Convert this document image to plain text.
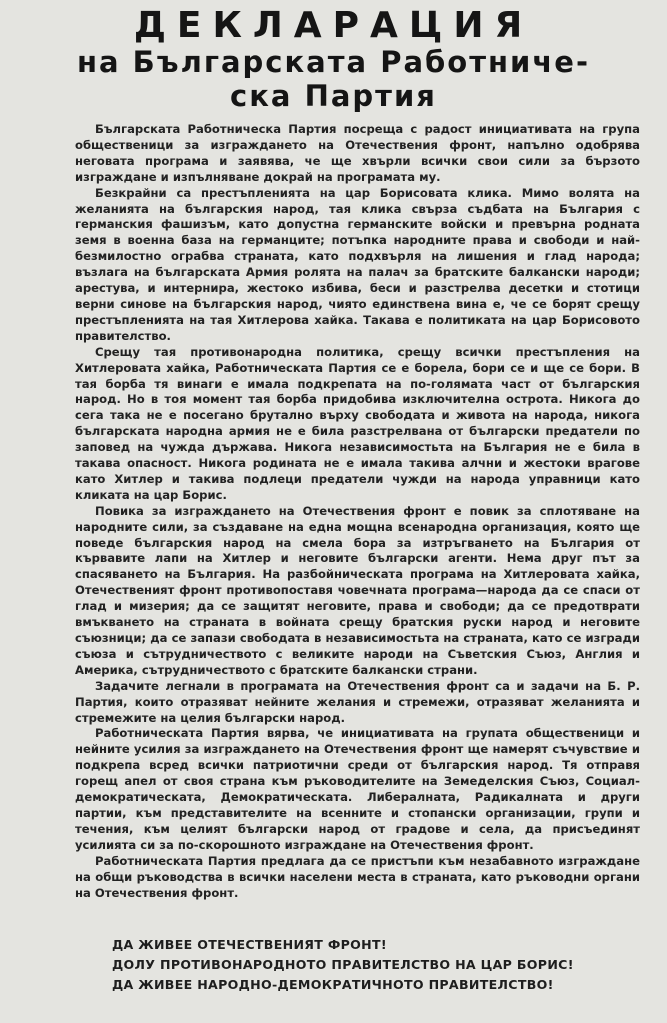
ДЕКЛАРАЦИЯ
на Българската Работниче-
ска Партия

Българската Работническа Партия посреща с радост инициативата на група общественици за изграждането на Отечествения фронт, напълно одобрява неговата програма и заявява, че ще хвърли всички свои сили за бързото изграждане и изпълняване докрай на програмата му.

Безкрайни са престъпленията на цар Борисовата клика. Мимо волята на желанията на българския народ, тая клика свърза съдбата на България с германския фашизъм, като допустна германските войски и превърна родната земя в военна база на германците; потъпка народните права и свободи и най-безмилостно ограбва страната, като подхвърля на лишения и глад народа; възлага на българската Армия ролята на палач за братските балкански народи; арестува, и интернира, жестоко избива, беси и разстрелва десетки и стотици верни синове на българския народ, чиято единствена вина е, че се борят срещу престъпленията на тая Хитлерова хайка. Такава е политиката на цар Борисовото правителство.

Срещу тая противонародна политика, срещу всички престъпления на Хитлеровата хайка, Работническата Партия се е борела, бори се и ще се бори. В тая борба тя винаги е имала подкрепата на по-голямата част от българския народ. Но в тоя момент тая борба придобива изключителна острота. Никога до сега така не е посегано бруталнo върху свободата и живота на народа, никога българската народна армия не е била разстрелвана от български предатели по заповед на чужда държава. Никога независимостьта на България не е била в такава опасност. Никога родината не е имала такива алчни и жестоки врагове като Хитлер и такива подлеци предатели чужди на народа управници като кликата на цар Борис.

Повика за изграждането на Отечествения фронт е повик за сплотяване на народните сили, за създаване на една мощна всенародна организация, която ще поведе българския народ на смела бора за изтръгването на България от кървавите лапи на Хитлер и неговите български агенти. Нема друг път за спасяването на България. На разбойническата програма на Хитлеровата хайка, Отечественият фронт противопоставя човечната програма—народа да се спаси от глад и мизерия; да се защитят неговите, права и свободи; да се предотврати вмъкването на страната в войната срещу братския руски народ и неговите съюзници; да се запази свободата в независимостьта на страната, като се изгради съюза и сътрудничеството с великите народи на Съветския Съюз, Англия и Америка, сътрудничеството с братските балкански страни.

Задачите легнали в програмата на Отечествения фронт са и задачи на Б. Р. Партия, които отразяват нейните желания и стремежи, отразяват желанията и стремежите на целия български народ.

Работническата Партия вярва, че инициативата на групата общественици и нейните усилия за изграждането на Отечествения фронт ще намерят съчувствие и подкрепа всред всички патриотични среди от българския народ. Тя отправя горещ апел от своя страна към ръководителите на Земеделския Съюз, Социал-демократическата, Демократическата. Либералната, Радикалната и други партии, към представителите на всенните и стопански организации, групи и течения, към целият български народ от градове и села, да присъединят усилията си за по-скорошното изграждане на Отечествения фронт.

Работническата Партия предлага да се пристъпи към незабавното изграждане на общи ръководства в всички населени места в страната, като ръководни органи на Отечествения фронт.

ДА ЖИВЕЕ ОТЕЧЕСТВЕНИЯТ ФРОНТ!
ДОЛУ ПРОТИВОНАРОДНОТО ПРАВИТЕЛСТВО НА ЦАР БОРИС!
ДА ЖИВЕЕ НАРОДНО-ДЕМОКРАТИЧНОТО ПРАВИТЕЛСТВО!
